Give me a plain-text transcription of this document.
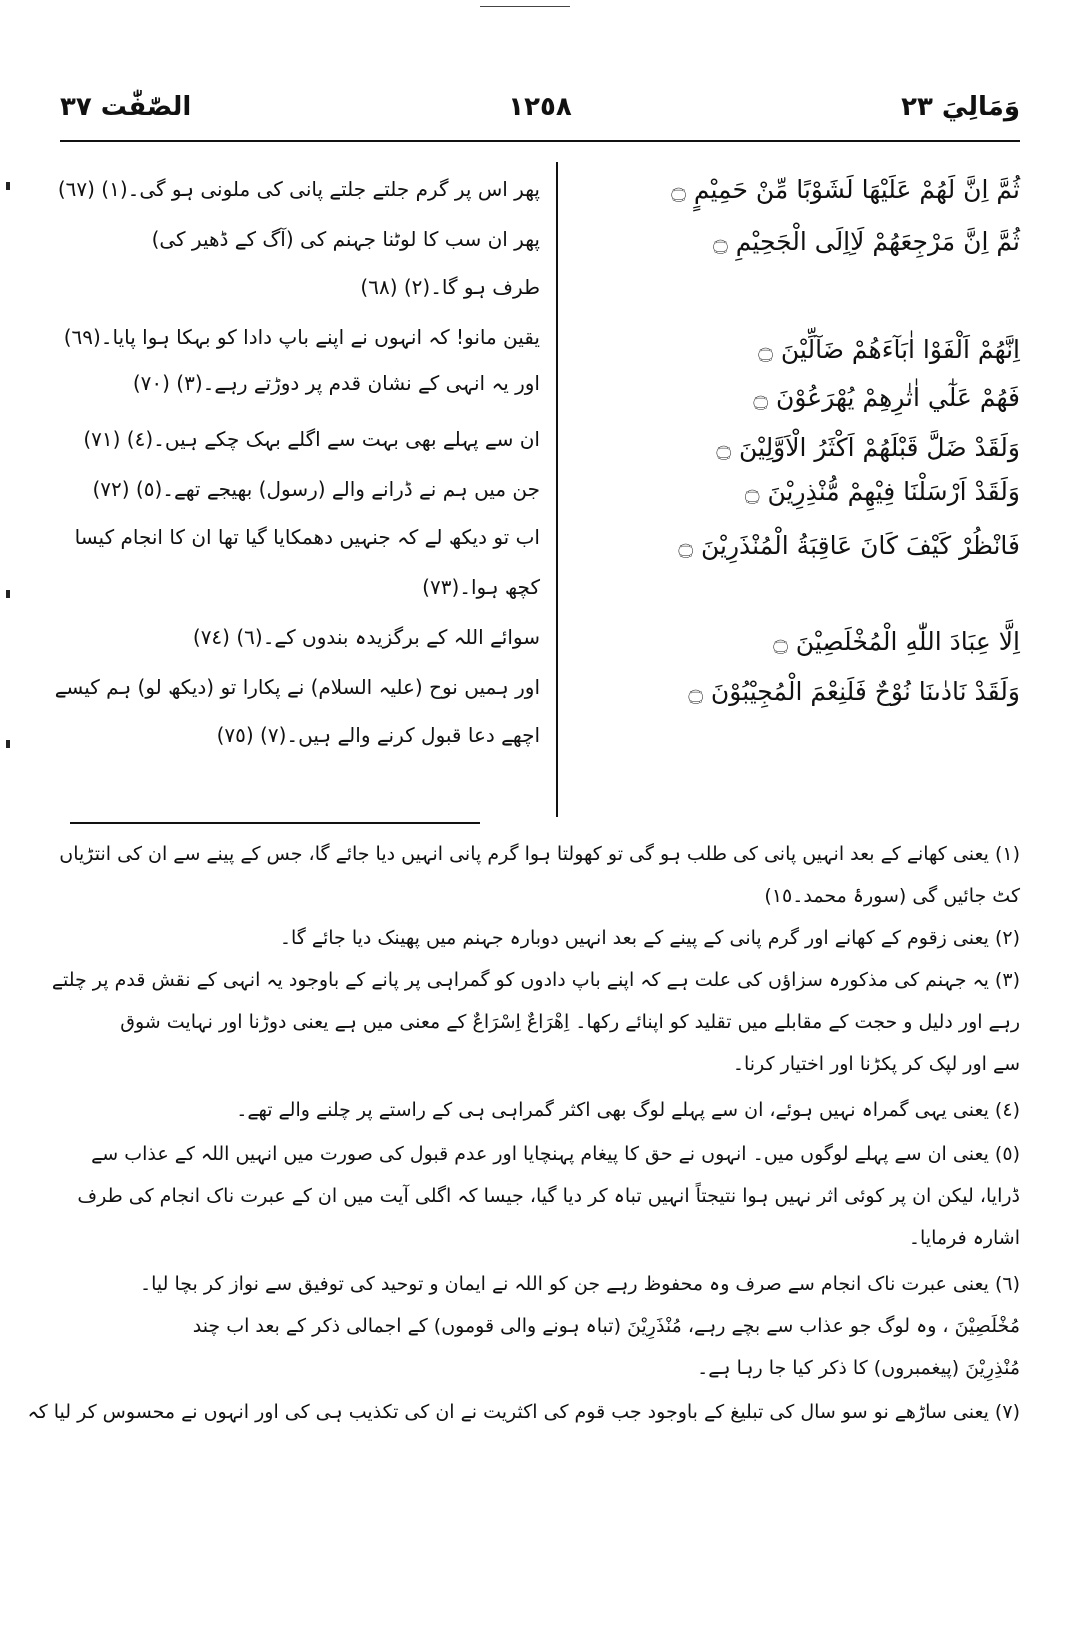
وَمَالِيَ ٢٣
١٢٥٨
الصّٰفّٰت ٣٧
ثُمَّ اِنَّ لَهُمْ عَلَيْهَا لَشَوْبًا مِّنْ حَمِيْمٍ ۝
ثُمَّ اِنَّ مَرْجِعَهُمْ لَاِاِلَى الْجَحِيْمِ ۝
اِنَّهُمْ اَلْفَوْا اٰبَآءَهُمْ ضَآلِّيْنَ ۝
فَهُمْ عَلٰٓي اٰثٰرِهِمْ يُهْرَعُوْنَ ۝
وَلَقَدْ ضَلَّ قَبْلَهُمْ اَكْثَرُ الْاَوَّلِيْنَ ۝
وَلَقَدْ اَرْسَلْنَا فِيْهِمْ مُّنْذِرِيْنَ ۝
فَانْظُرْ كَيْفَ كَانَ عَاقِبَةُ الْمُنْذَرِيْنَ ۝
اِلَّا عِبَادَ اللّٰهِ الْمُخْلَصِيْنَ ۝
وَلَقَدْ نَادٰىنَا نُوْحٌ فَلَنِعْمَ الْمُجِيْبُوْنَ ۝
پھر اس پر گرم جلتے جلتے پانی کی ملونی ہو گی۔(١) (٦٧)
پھر ان سب کا لوٹنا جہنم کی (آگ کے ڈھیر کی)
طرف ہو گا۔(٢) (٦٨)
یقین مانو! کہ انہوں نے اپنے باپ دادا کو بہکا ہوا پایا۔(٦٩)
اور یہ انہی کے نشان قدم پر دوڑتے رہے۔(٣) (٧٠)
ان سے پہلے بھی بہت سے اگلے بہک چکے ہیں۔(٤) (٧١)
جن میں ہم نے ڈرانے والے (رسول) بھیجے تھے۔(٥) (٧٢)
اب تو دیکھ لے کہ جنہیں دھمکایا گیا تھا ان کا انجام کیسا
کچھ ہوا۔(٧٣)
سوائے اللہ کے برگزیدہ بندوں کے۔(٦) (٧٤)
اور ہمیں نوح (علیہ السلام) نے پکارا تو (دیکھ لو) ہم کیسے
اچھے دعا قبول کرنے والے ہیں۔(٧) (٧٥)
(١) یعنی کھانے کے بعد انہیں پانی کی طلب ہو گی تو کھولتا ہوا گرم پانی انہیں دیا جائے گا، جس کے پینے سے ان کی انتڑیاں
کٹ جائیں گی (سورۂ محمد۔١٥)
(٢) یعنی زقوم کے کھانے اور گرم پانی کے پینے کے بعد انہیں دوبارہ جہنم میں پھینک دیا جائے گا۔
(٣) یہ جہنم کی مذکورہ سزاؤں کی علت ہے کہ اپنے باپ دادوں کو گمراہی پر پانے کے باوجود یہ انہی کے نقش قدم پر چلتے
رہے اور دلیل و حجت کے مقابلے میں تقلید کو اپنائے رکھا۔ اِهْرَاعٌ اِسْرَاعٌ کے معنی میں ہے یعنی دوڑنا اور نہایت شوق
سے اور لپک کر پکڑنا اور اختیار کرنا۔
(٤) یعنی یہی گمراہ نہیں ہوئے، ان سے پہلے لوگ بھی اکثر گمراہی ہی کے راستے پر چلنے والے تھے۔
(٥) یعنی ان سے پہلے لوگوں میں۔ انہوں نے حق کا پیغام پہنچایا اور عدم قبول کی صورت میں انہیں اللہ کے عذاب سے
ڈرایا، لیکن ان پر کوئی اثر نہیں ہوا نتیجتاً انہیں تباہ کر دیا گیا، جیسا کہ اگلی آیت میں ان کے عبرت ناک انجام کی طرف
اشارہ فرمایا۔
(٦) یعنی عبرت ناک انجام سے صرف وہ محفوظ رہے جن کو اللہ نے ایمان و توحید کی توفیق سے نواز کر بچا لیا۔
مُخْلَصِيْنَ ، وہ لوگ جو عذاب سے بچے رہے، مُنْذَرِيْنَ (تباہ ہونے والی قوموں) کے اجمالی ذکر کے بعد اب چند
مُنْذِرِيْنَ (پیغمبروں) کا ذکر کیا جا رہا ہے۔
(٧) یعنی ساڑھے نو سو سال کی تبلیغ کے باوجود جب قوم کی اکثریت نے ان کی تکذیب ہی کی اور انہوں نے محسوس کر لیا کہ
